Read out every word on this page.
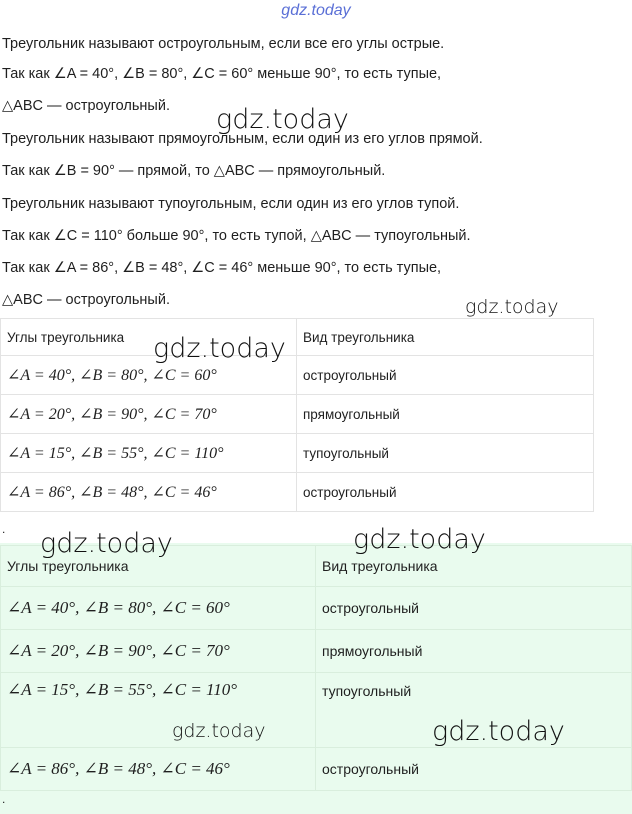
gdz.today
Треугольник называют остроугольным, если все его углы острые.
Так как ∠A = 40°, ∠B = 80°, ∠C = 60° меньше 90°, то есть тупые,
△ABC — остроугольный.
Треугольник называют прямоугольным, если один из его углов прямой.
Так как ∠B = 90° — прямой, то △ABC — прямоугольный.
Треугольник называют тупоугольным, если один из его углов тупой.
Так как ∠C = 110° больше 90°, то есть тупой, △ABC — тупоугольный.
Так как ∠A = 86°, ∠B = 48°, ∠C = 46° меньше 90°, то есть тупые,
△ABC — остроугольный.
Углы треугольника	Вид треугольника
∠A = 40°, ∠B = 80°, ∠C = 60°	остроугольный
∠A = 20°, ∠B = 90°, ∠C = 70°	прямоугольный
∠A = 15°, ∠B = 55°, ∠C = 110°	тупоугольный
∠A = 86°, ∠B = 48°, ∠C = 46°	остроугольный
.
Углы треугольника	Вид треугольника
∠A = 40°, ∠B = 80°, ∠C = 60°	остроугольный
∠A = 20°, ∠B = 90°, ∠C = 70°	прямоугольный
∠A = 15°, ∠B = 55°, ∠C = 110°	тупоугольный
∠A = 86°, ∠B = 48°, ∠C = 46°	остроугольный
.
gdz.today
gdz.today
gdz.today
gdz.today	gdz.today
gdz.today	gdz.today
